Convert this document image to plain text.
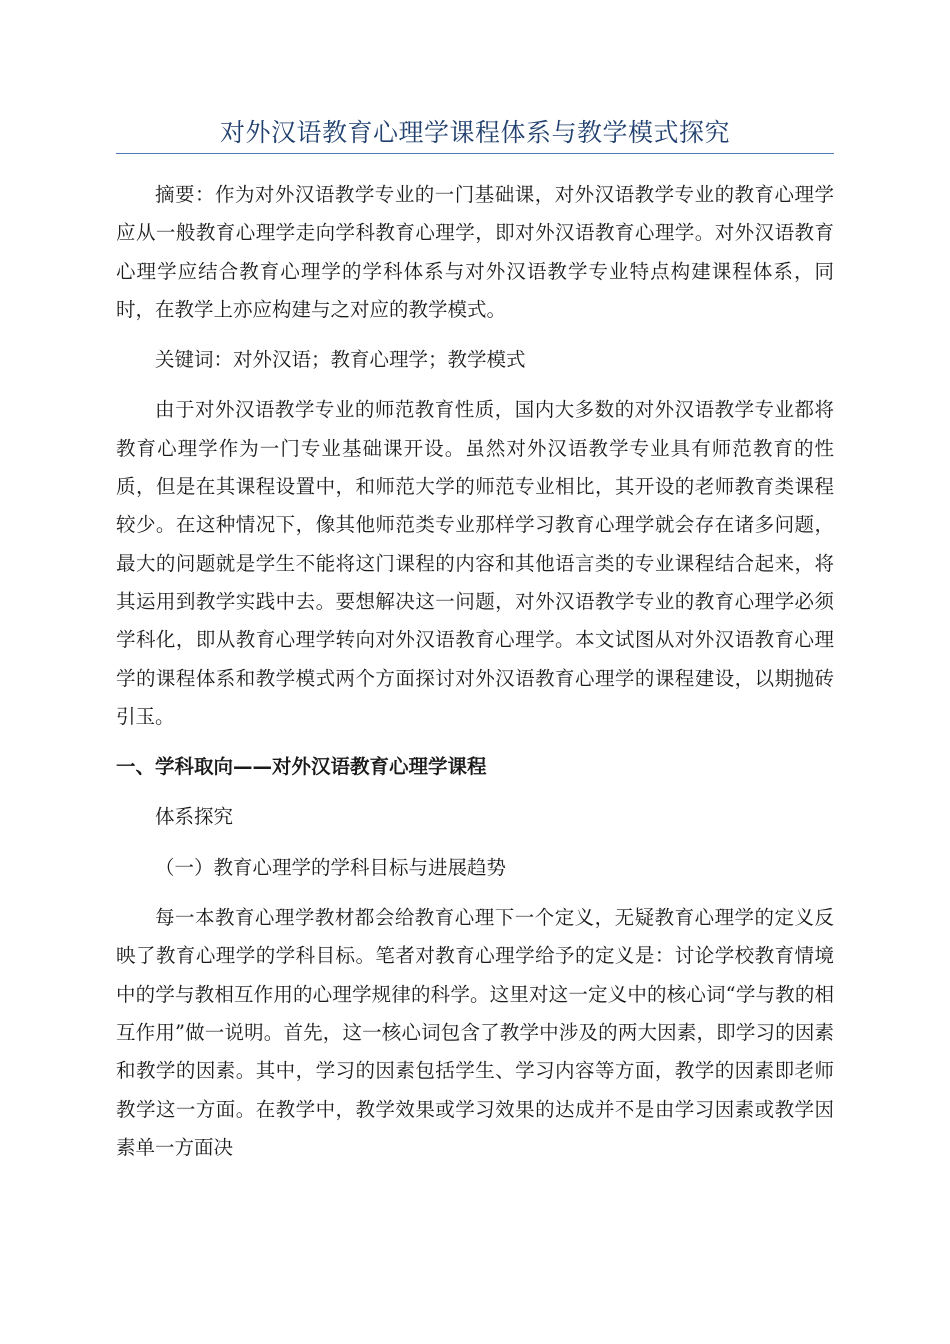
对外汉语教育心理学课程体系与教学模式探究

摘要：作为对外汉语教学专业的一门基础课，对外汉语教学专业的教育心理学应从一般教育心理学走向学科教育心理学，即对外汉语教育心理学。对外汉语教育心理学应结合教育心理学的学科体系与对外汉语教学专业特点构建课程体系，同时，在教学上亦应构建与之对应的教学模式。

关键词：对外汉语；教育心理学；教学模式

由于对外汉语教学专业的师范教育性质，国内大多数的对外汉语教学专业都将教育心理学作为一门专业基础课开设。虽然对外汉语教学专业具有师范教育的性质，但是在其课程设置中，和师范大学的师范专业相比，其开设的老师教育类课程较少。在这种情况下，像其他师范类专业那样学习教育心理学就会存在诸多问题，最大的问题就是学生不能将这门课程的内容和其他语言类的专业课程结合起来，将其运用到教学实践中去。要想解决这一问题，对外汉语教学专业的教育心理学必须学科化，即从教育心理学转向对外汉语教育心理学。本文试图从对外汉语教育心理学的课程体系和教学模式两个方面探讨对外汉语教育心理学的课程建设，以期抛砖引玉。

一、学科取向——对外汉语教育心理学课程

体系探究

（一）教育心理学的学科目标与进展趋势

每一本教育心理学教材都会给教育心理下一个定义，无疑教育心理学的定义反映了教育心理学的学科目标。笔者对教育心理学给予的定义是：讨论学校教育情境中的学与教相互作用的心理学规律的科学。这里对这一定义中的核心词“学与教的相互作用”做一说明。首先，这一核心词包含了教学中涉及的两大因素，即学习的因素和教学的因素。其中，学习的因素包括学生、学习内容等方面，教学的因素即老师教学这一方面。在教学中，教学效果或学习效果的达成并不是由学习因素或教学因素单一方面决
